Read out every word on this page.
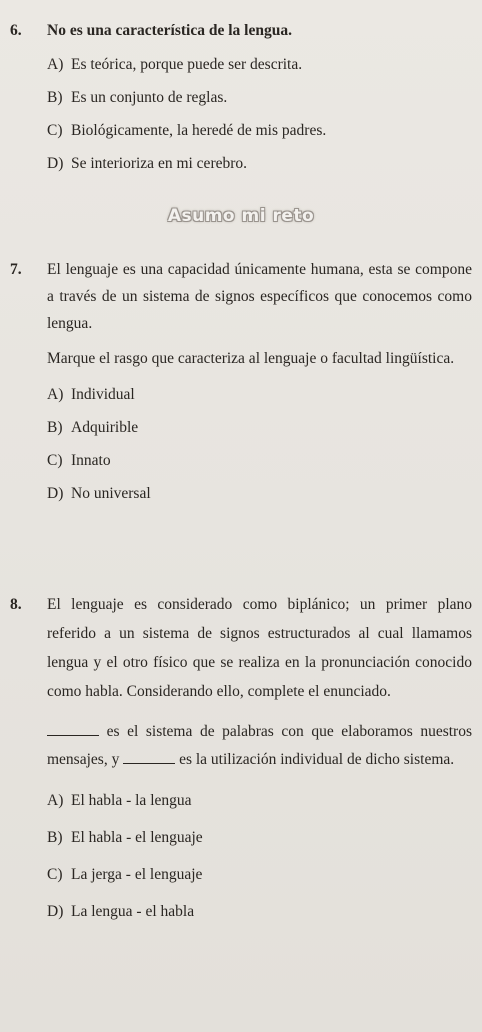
6.	No es una característica de la lengua.
A) Es teórica, porque puede ser descrita.
B) Es un conjunto de reglas.
C) Biológicamente, la heredé de mis padres.
D) Se interioriza en mi cerebro.
Asumo mi reto
7.	El lenguaje es una capacidad únicamente humana, esta se compone a través de un sistema de signos específicos que conocemos como lengua.
Marque el rasgo que caracteriza al lenguaje o facultad lingüística.
A) Individual
B) Adquirible
C) Innato
D) No universal
8.	El lenguaje es considerado como biplánico; un primer plano referido a un sistema de signos estructurados al cual llamamos lengua y el otro físico que se realiza en la pronunciación conocido como habla. Considerando ello, complete el enunciado.
es el sistema de palabras con que elaboramos nuestros mensajes, y	es la utilización individual de dicho sistema.
A) El habla - la lengua
B) El habla - el lenguaje
C) La jerga - el lenguaje
D) La lengua - el habla
